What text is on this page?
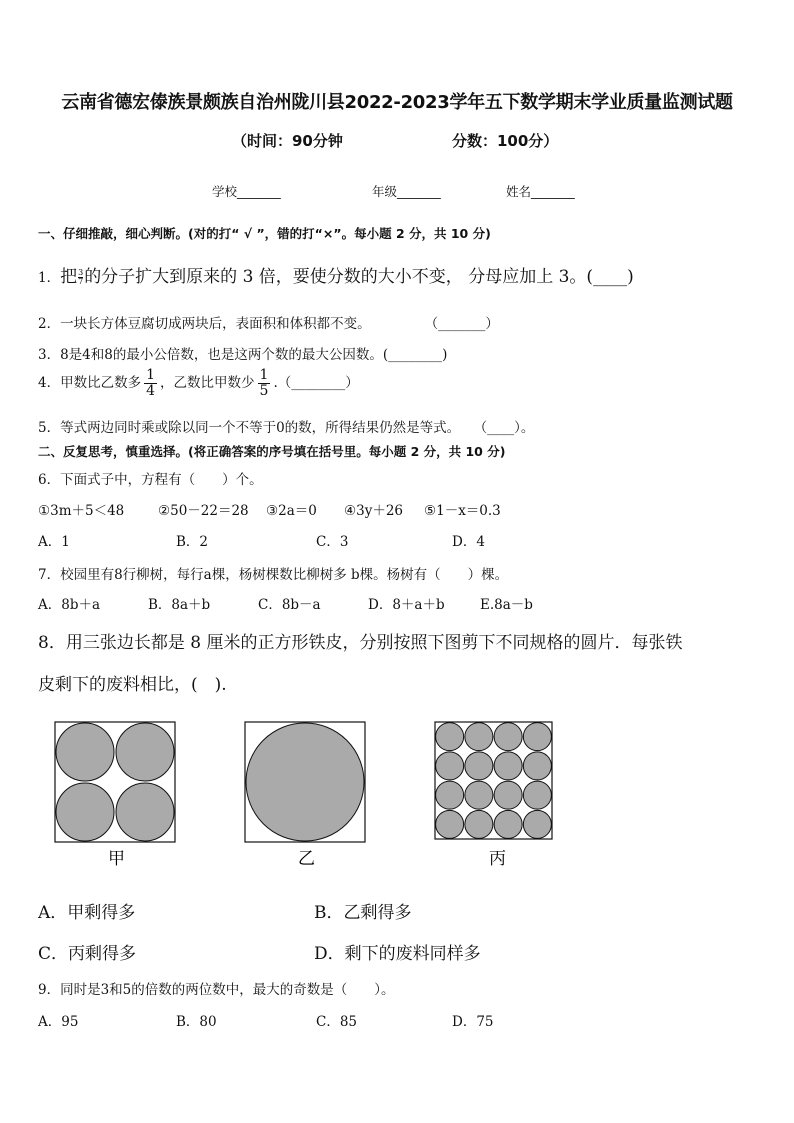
云南省德宏傣族景颇族自治州陇川县2022-2023学年五下数学期末学业质量监测试题
（时间：90分钟	分数：100分）
学校_______	年级_______	姓名_______
一、仔细推敲，细心判断。(对的打“ √ ”，错的打“×”。每小题 2 分，共 10 分)
1．把 $\frac{3}{7}$ 的分子扩大到原来的 3 倍，要使分数的大小不变， 分母应加上 3。(____)
2．一块长方体豆腐切成两块后，表面积和体积都不变。　　　　　（_______）
3．8是4和8的最小公倍数，也是这两个数的最大公因数。(________)
4．甲数比乙数多 $\frac{1}{4}$ ，乙数比甲数少 $\frac{1}{5}$ .（________）
5．等式两边同时乘或除以同一个不等于0的数，所得结果仍然是等式。　　（____）。
二、反复思考，慎重选择。(将正确答案的序号填在括号里。每小题 2 分，共 10 分)
6．下面式子中，方程有（　　）个。
①3m＋5＜48 ②50－22＝28 ③2a＝0 ④3y＋26 ⑤1－x＝0.3
A．1	B．2	C．3	D．4
7．校园里有8行柳树，每行a棵，杨树棵数比柳树多 b棵。杨树有（　　）棵。
A．8b＋a	B．8a＋b	C．8b－a	D．8＋a＋b	E.8a－b
8．用三张边长都是 8 厘米的正方形铁皮，分别按照下图剪下不同规格的圆片．每张铁
皮剩下的废料相比，(　).
甲	乙	丙
A．甲剩得多	B．乙剩得多
C．丙剩得多	D．剩下的废料同样多
9．同时是3和5的倍数的两位数中，最大的奇数是（　　）。
A．95	B．80	C．85	D．75
